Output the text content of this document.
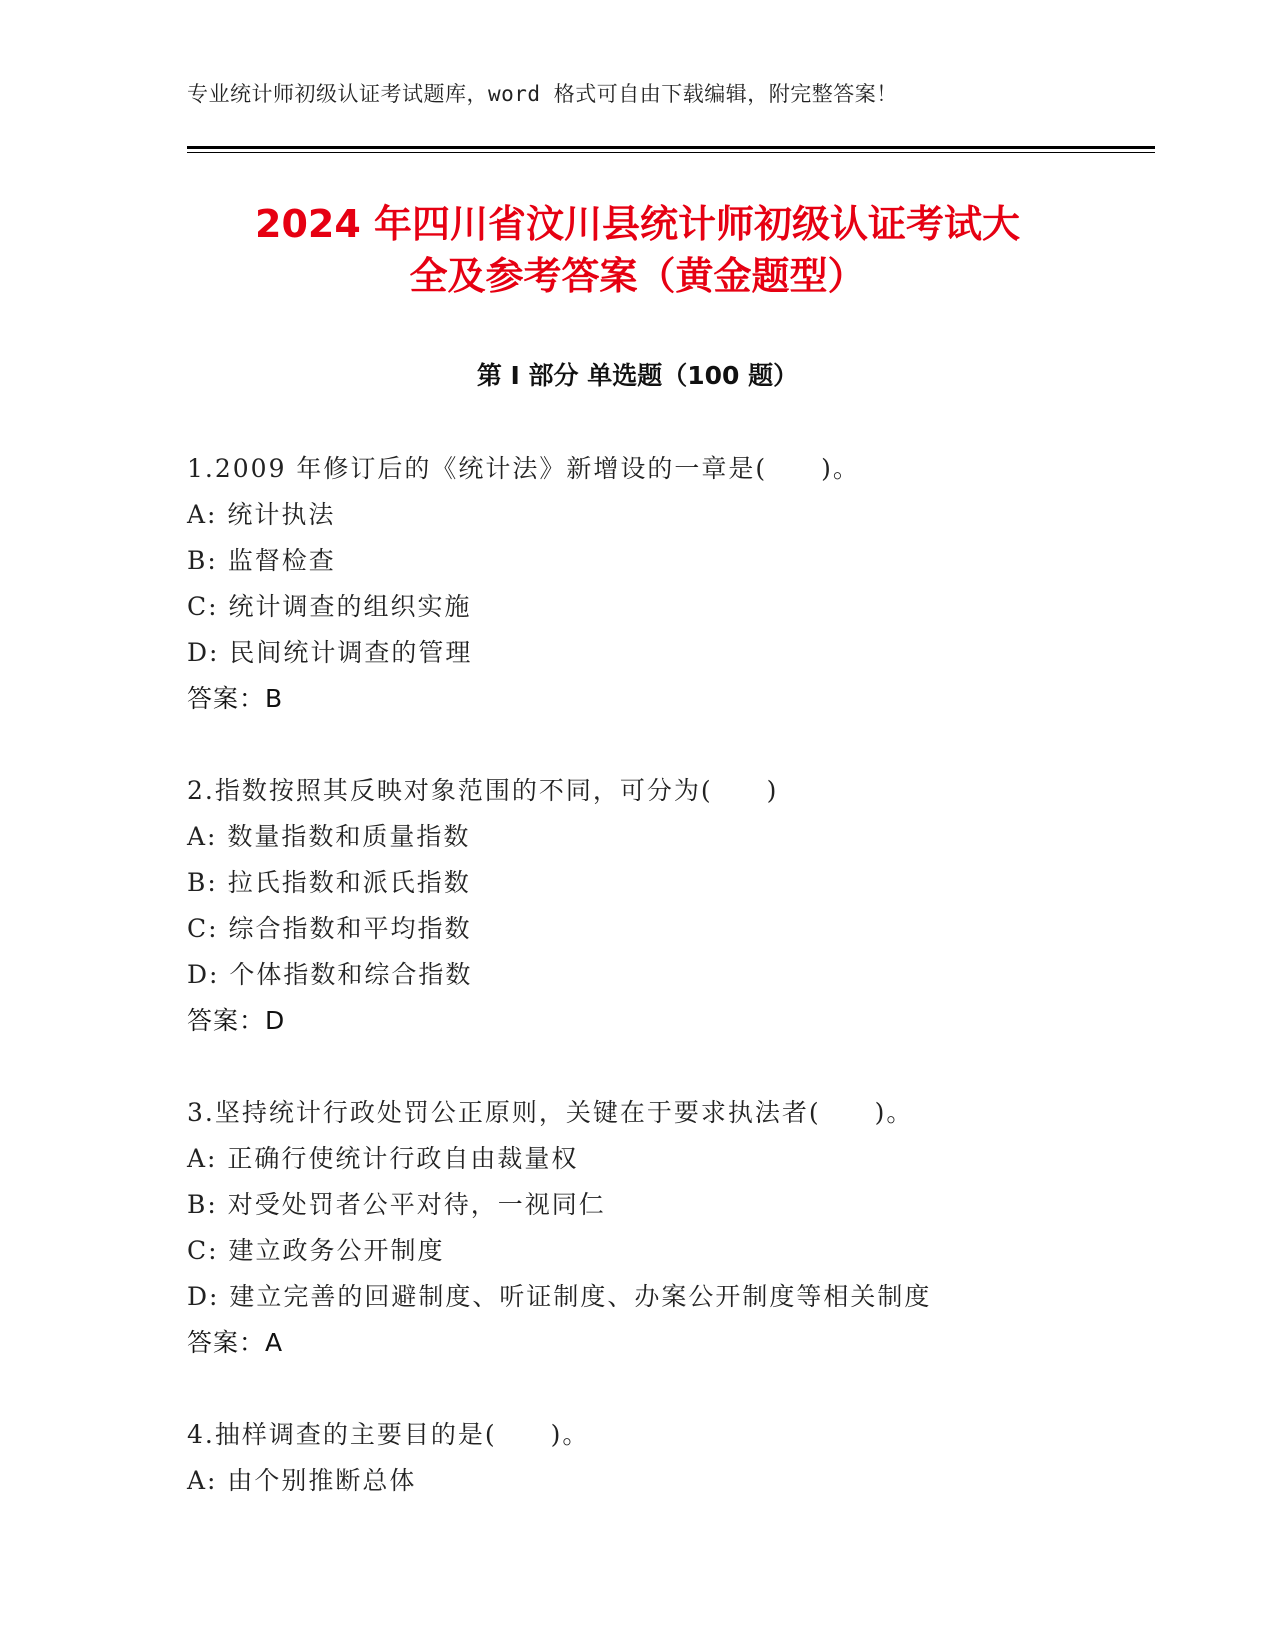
专业统计师初级认证考试题库，word 格式可自由下载编辑，附完整答案！
2024 年四川省汶川县统计师初级认证考试大
全及参考答案（黄金题型）
第 I 部分 单选题（100 题）
1.2009 年修订后的《统计法》新增设的一章是(　　)。
A: 统计执法
B: 监督检查
C: 统计调查的组织实施
D: 民间统计调查的管理
答案：B
2.指数按照其反映对象范围的不同，可分为(　　)
A: 数量指数和质量指数
B: 拉氏指数和派氏指数
C: 综合指数和平均指数
D: 个体指数和综合指数
答案：D
3.坚持统计行政处罚公正原则，关键在于要求执法者(　　)。
A: 正确行使统计行政自由裁量权
B: 对受处罚者公平对待，一视同仁
C: 建立政务公开制度
D: 建立完善的回避制度、听证制度、办案公开制度等相关制度
答案：A
4.抽样调查的主要目的是(　　)。
A: 由个别推断总体
